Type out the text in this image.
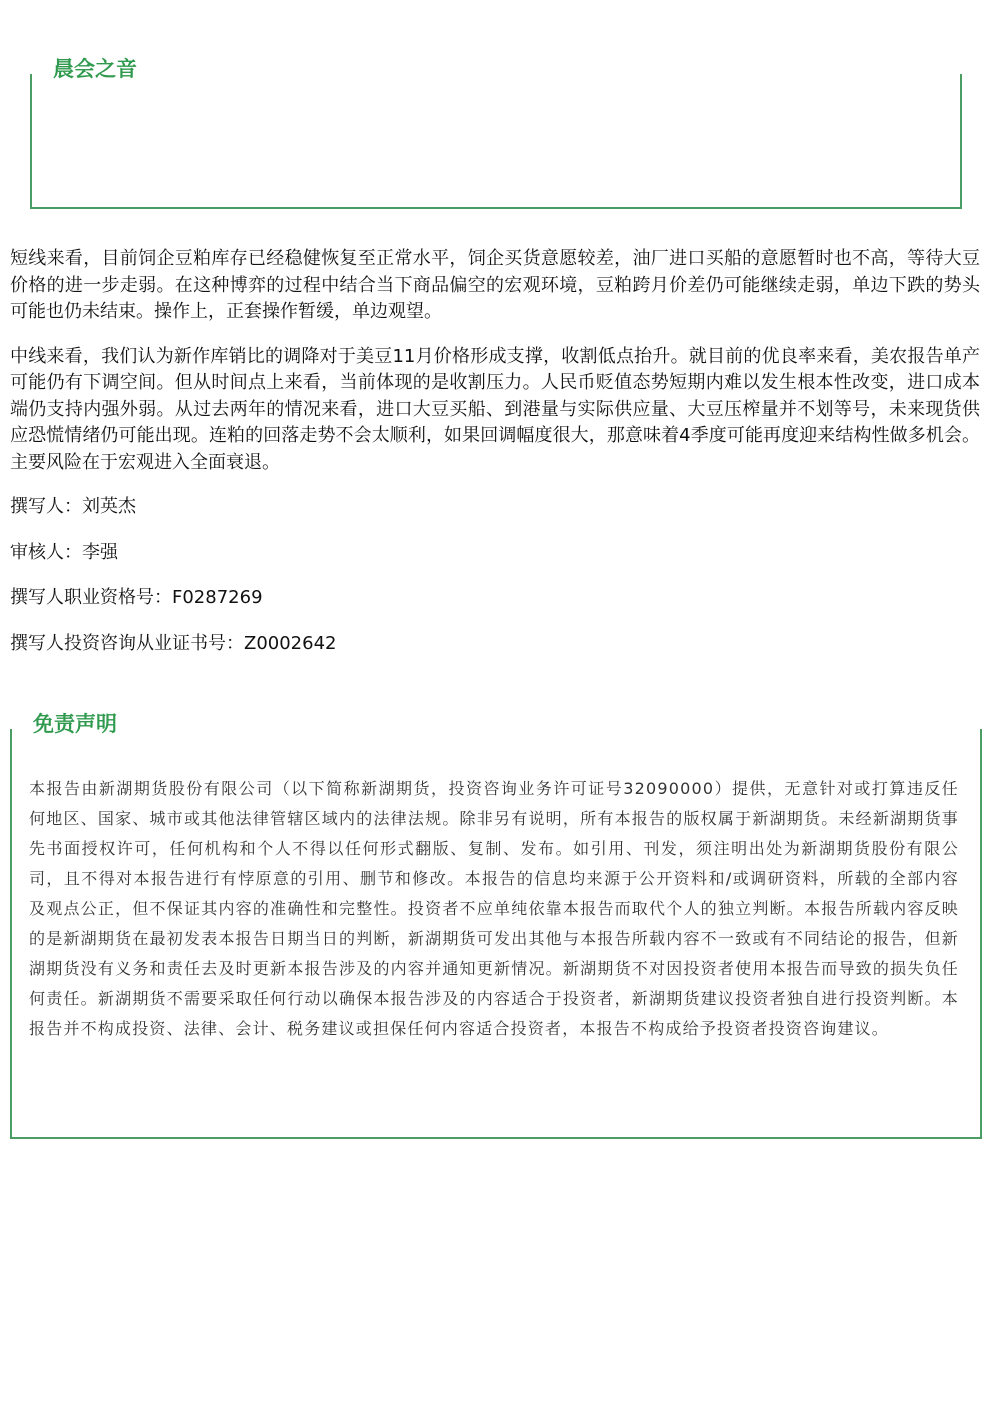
晨会之音

短线来看，目前饲企豆粕库存已经稳健恢复至正常水平，饲企买货意愿较差，油厂进口买船的意愿暂时也不高，等待大豆价格的进一步走弱。在这种博弈的过程中结合当下商品偏空的宏观环境，豆粕跨月价差仍可能继续走弱，单边下跌的势头可能也仍未结束。操作上，正套操作暂缓，单边观望。

中线来看，我们认为新作库销比的调降对于美豆11月价格形成支撑，收割低点抬升。就目前的优良率来看，美农报告单产可能仍有下调空间。但从时间点上来看，当前体现的是收割压力。人民币贬值态势短期内难以发生根本性改变，进口成本端仍支持内强外弱。从过去两年的情况来看，进口大豆买船、到港量与实际供应量、大豆压榨量并不划等号，未来现货供应恐慌情绪仍可能出现。连粕的回落走势不会太顺利，如果回调幅度很大，那意味着4季度可能再度迎来结构性做多机会。主要风险在于宏观进入全面衰退。

撰写人：刘英杰

审核人：李强

撰写人职业资格号：F0287269

撰写人投资咨询从业证书号：Z0002642

免责声明
本报告由新湖期货股份有限公司（以下简称新湖期货，投资咨询业务许可证号32090000）提供，无意针对或打算违反任何地区、国家、城市或其他法律管辖区域内的法律法规。除非另有说明，所有本报告的版权属于新湖期货。未经新湖期货事先书面授权许可，任何机构和个人不得以任何形式翻版、复制、发布。如引用、刊发，须注明出处为新湖期货股份有限公司，且不得对本报告进行有悖原意的引用、删节和修改。本报告的信息均来源于公开资料和/或调研资料，所载的全部内容及观点公正，但不保证其内容的准确性和完整性。投资者不应单纯依靠本报告而取代个人的独立判断。本报告所载内容反映的是新湖期货在最初发表本报告日期当日的判断，新湖期货可发出其他与本报告所载内容不一致或有不同结论的报告，但新湖期货没有义务和责任去及时更新本报告涉及的内容并通知更新情况。新湖期货不对因投资者使用本报告而导致的损失负任何责任。新湖期货不需要采取任何行动以确保本报告涉及的内容适合于投资者，新湖期货建议投资者独自进行投资判断。本报告并不构成投资、法律、会计、税务建议或担保任何内容适合投资者，本报告不构成给予投资者投资咨询建议。
